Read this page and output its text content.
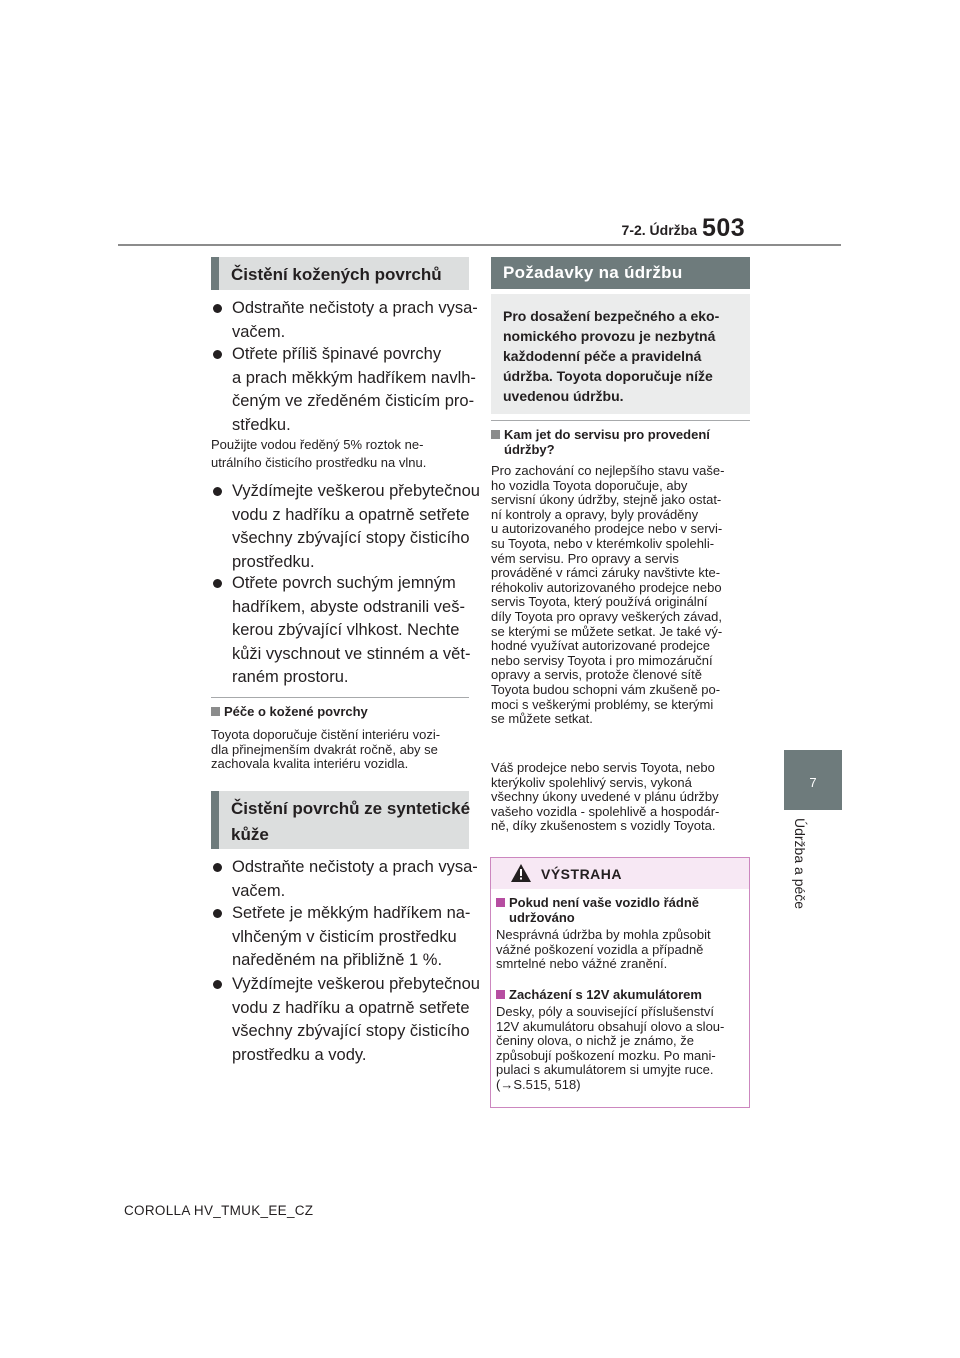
7-2. Údržba 503
7
Údržba a péče
Čistění kožených povrchů
Odstraňte nečistoty a prach vysa-
vačem.
Otřete příliš špinavé povrchy
a prach měkkým hadříkem navlh-
čeným ve zředěném čisticím pro-
středku.
Použijte vodou ředěný 5% roztok ne-
utrálního čisticího prostředku na vlnu.
Vyždímejte veškerou přebytečnou
vodu z hadříku a opatrně setřete
všechny zbývající stopy čisticího
prostředku.
Otřete povrch suchým jemným
hadříkem, abyste odstranili veš-
kerou zbývající vlhkost. Nechte
kůži vyschnout ve stinném a vět-
raném prostoru.
Péče o kožené povrchy
Toyota doporučuje čistění interiéru vozi-
dla přinejmenším dvakrát ročně, aby se
zachovala kvalita interiéru vozidla.
Čistění povrchů ze syntetické
kůže
Odstraňte nečistoty a prach vysa-
vačem.
Setřete je měkkým hadříkem na-
vlhčeným v čisticím prostředku
naředěném na přibližně 1 %.
Vyždímejte veškerou přebytečnou
vodu z hadříku a opatrně setřete
všechny zbývající stopy čisticího
prostředku a vody.
Požadavky na údržbu
Pro dosažení bezpečného a eko-
nomického provozu je nezbytná
každodenní péče a pravidelná
údržba. Toyota doporučuje níže
uvedenou údržbu.
Kam jet do servisu pro provedení
údržby?
Pro zachování co nejlepšího stavu vaše-
ho vozidla Toyota doporučuje, aby
servisní úkony údržby, stejně jako ostat-
ní kontroly a opravy, byly prováděny
u autorizovaného prodejce nebo v servi-
su Toyota, nebo v kterémkoliv spolehli-
vém servisu. Pro opravy a servis
prováděné v rámci záruky navštivte kte-
réhokoliv autorizovaného prodejce nebo
servis Toyota, který používá originální
díly Toyota pro opravy veškerých závad,
se kterými se můžete setkat. Je také vý-
hodné využívat autorizované prodejce
nebo servisy Toyota i pro mimozáruční
opravy a servis, protože členové sítě
Toyota budou schopni vám zkušeně po-
moci s veškerými problémy, se kterými
se můžete setkat.
Váš prodejce nebo servis Toyota, nebo
kterýkoliv spolehlivý servis, vykoná
všechny úkony uvedené v plánu údržby
vašeho vozidla - spolehlivě a hospodár-
ně, díky zkušenostem s vozidly Toyota.
VÝSTRAHA
Pokud není vaše vozidlo řádně
udržováno
Nesprávná údržba by mohla způsobit
vážné poškození vozidla a případně
smrtelné nebo vážné zranění.
Zacházení s 12V akumulátorem
Desky, póly a související příslušenství
12V akumulátoru obsahují olovo a slou-
čeniny olova, o nichž je známo, že
způsobují poškození mozku. Po mani-
pulaci s akumulátorem si umyjte ruce.
(→S.515, 518)
COROLLA HV_TMUK_EE_CZ
